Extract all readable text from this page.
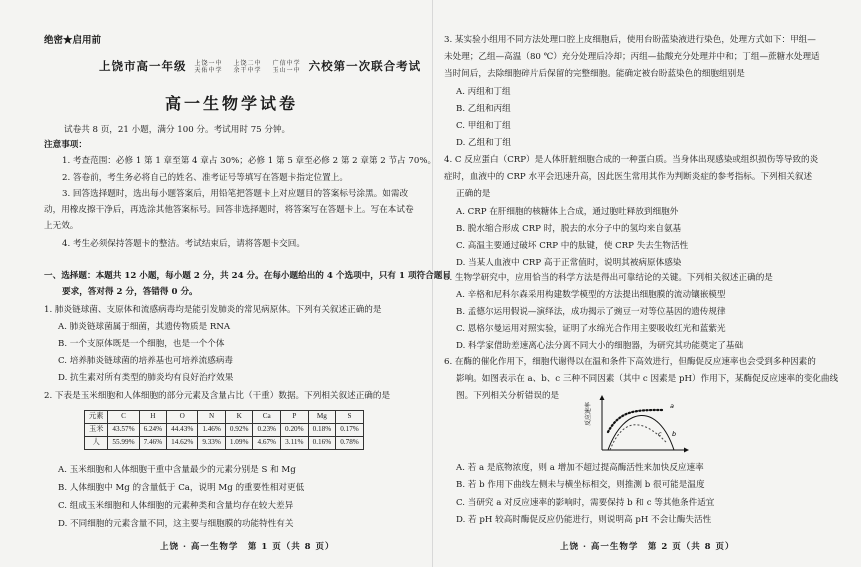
绝密★启用前
上饶市高一年级 上饶一中
天佑中学 上饶二中
余干中学 广信中学
玉山一中 六校第一次联合考试
高一生物学试卷
试卷共 8 页，21 小题，满分 100 分。考试用时 75 分钟。
注意事项：
1. 考查范围：必修 1 第 1 章至第 4 章占 30%；必修 1 第 5 章至必修 2 第 2 章第 2 节占 70%。
2. 答卷前，考生务必将自己的姓名、准考证号等填写在答题卡指定位置上。
3. 回答选择题时，选出每小题答案后，用铅笔把答题卡上对应题目的答案标号涂黑。如需改
动，用橡皮擦干净后，再选涂其他答案标号。回答非选择题时，将答案写在答题卡上。写在本试卷
上无效。
4. 考生必须保持答题卡的整洁。考试结束后，请将答题卡交回。
一、选择题：本题共 12 小题，每小题 2 分，共 24 分。在每小题给出的 4 个选项中，只有 1 项符合题目
要求，答对得 2 分，答错得 0 分。
1. 肺炎链球菌、支原体和流感病毒均是能引发肺炎的常见病原体。下列有关叙述正确的是
A. 肺炎链球菌属于细菌，其遗传物质是 RNA
B. 一个支原体既是一个细胞，也是一个个体
C. 培养肺炎链球菌的培养基也可培养流感病毒
D. 抗生素对所有类型的肺炎均有良好治疗效果
2. 下表是玉米细胞和人体细胞的部分元素及含量占比（干重）数据。下列相关叙述正确的是
元素	C	H	O	N	K	Ca	P	Mg	S
玉米	43.57%	6.24%	44.43%	1.46%	0.92%	0.23%	0.20%	0.18%	0.17%
人	55.99%	7.46%	14.62%	9.33%	1.09%	4.67%	3.11%	0.16%	0.78%
A. 玉米细胞和人体细胞干重中含量最少的元素分别是 S 和 Mg
B. 人体细胞中 Mg 的含量低于 Ca，说明 Mg 的重要性相对更低
C. 组成玉米细胞和人体细胞的元素种类和含量均存在较大差异
D. 不同细胞的元素含量不同，这主要与细胞膜的功能特性有关
上饶 · 高一生物学　第 1 页（共 8 页）
3. 某实验小组用不同方法处理口腔上皮细胞后，使用台盼蓝染液进行染色，处理方式如下：甲组—
未处理；乙组—高温（80 ℃）充分处理后冷却；丙组—盐酸充分处理并中和；丁组—蔗糖水处理适
当时间后，去除细胞碎片后保留的完整细胞。能确定被台盼蓝染色的细胞组别是
A. 丙组和丁组
B. 乙组和丙组
C. 甲组和丁组
D. 乙组和丁组
4. C 反应蛋白（CRP）是人体肝脏细胞合成的一种蛋白质。当身体出现感染或组织损伤等导致的炎
症时，血液中的 CRP 水平会迅速升高，因此医生常用其作为判断炎症的参考指标。下列相关叙述
正确的是
A. CRP 在肝细胞的核糖体上合成，通过胞吐释放到细胞外
B. 脱水缩合形成 CRP 时，脱去的水分子中的氢均来自氨基
C. 高温主要通过破坏 CRP 中的肽键，使 CRP 失去生物活性
D. 当某人血液中 CRP 高于正常值时，说明其被病原体感染
5. 生物学研究中，应用恰当的科学方法是得出可靠结论的关键。下列相关叙述正确的是
A. 辛格和尼科尔森采用构建数学模型的方法提出细胞膜的流动镶嵌模型
B. 孟德尔运用假说—演绎法，成功揭示了豌豆一对等位基因的遗传规律
C. 恩格尔曼运用对照实验，证明了水绵光合作用主要吸收红光和蓝紫光
D. 科学家借助差速离心法分离不同大小的细胞器，为研究其功能奠定了基础
6. 在酶的催化作用下，细胞代谢得以在温和条件下高效进行，但酶促反应速率也会受到多种因素的
影响。如图表示在 a、b、c 三种不同因素（其中 c 因素是 pH）作用下，某酶促反应速率的变化曲线
图。下列相关分析错误的是
反应速率	a
b
c
A. 若 a 是底物浓度，则 a 增加不超过提高酶活性来加快反应速率
B. 若 b 作用下曲线左侧未与横坐标相交，则推测 b 很可能是温度
C. 当研究 a 对反应速率的影响时，需要保持 b 和 c 等其他条件适宜
D. 若 pH 较高时酶促反应仍能进行，则说明高 pH 不会让酶失活性
上饶 · 高一生物学　第 2 页（共 8 页）
